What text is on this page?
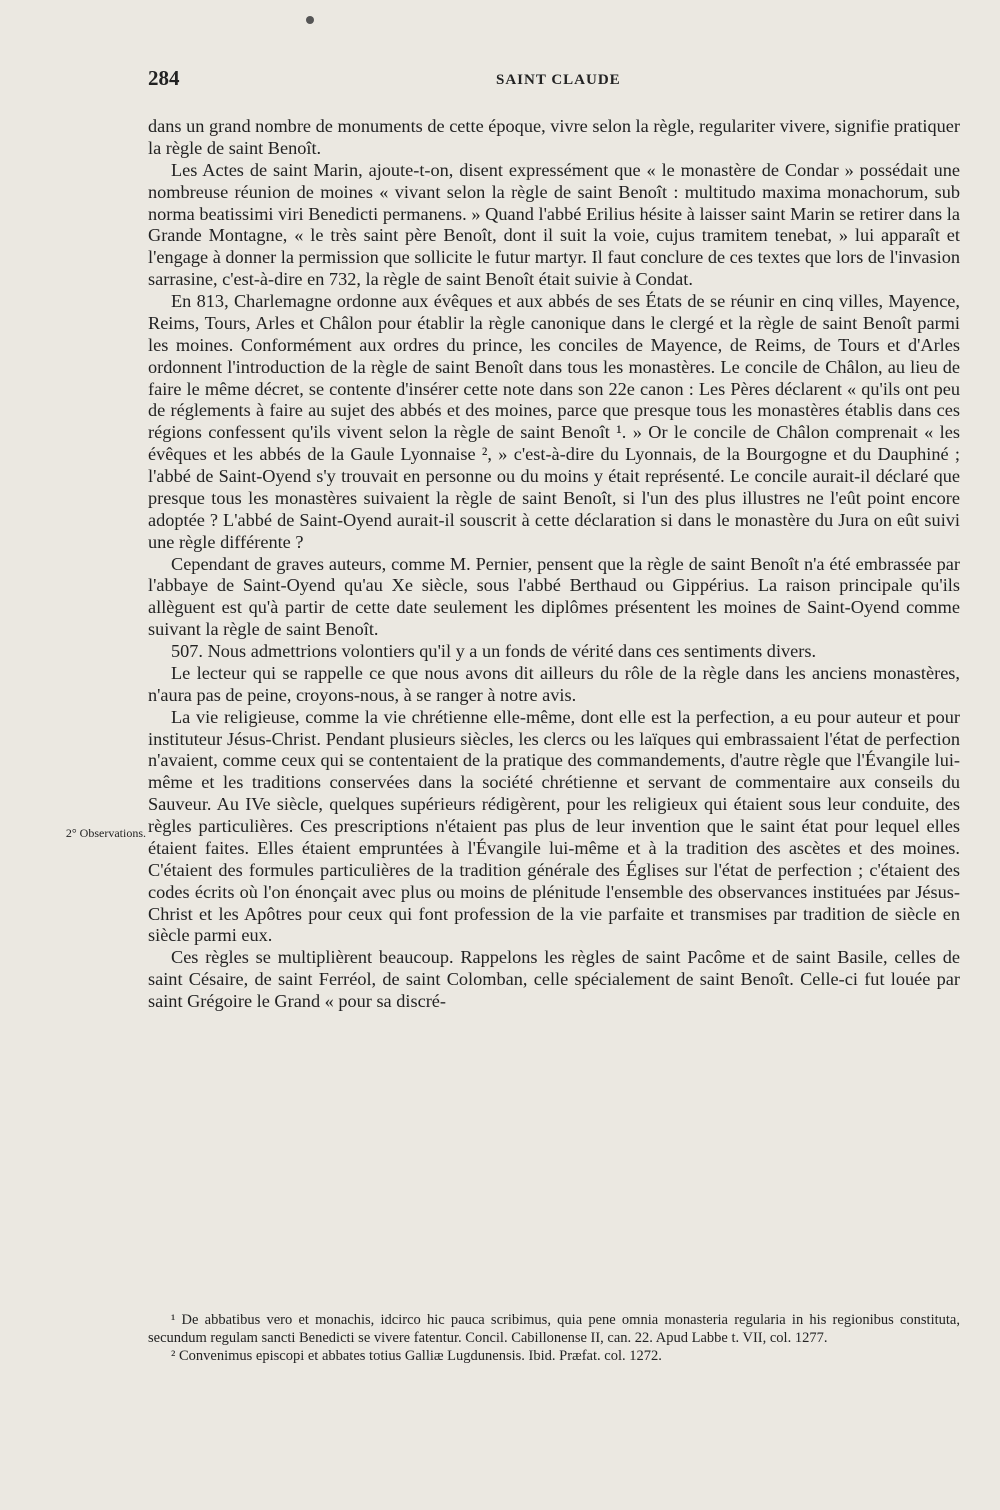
284	SAINT CLAUDE
2° Observations.

dans un grand nombre de monuments de cette époque, vivre selon la règle, regulariter vivere, signifie pratiquer la règle de saint Benoît.

Les Actes de saint Marin, ajoute-t-on, disent expressément que « le monastère de Condar » possédait une nombreuse réunion de moines « vivant selon la règle de saint Benoît : multitudo maxima monachorum, sub norma beatissimi viri Benedicti permanens. » Quand l'abbé Erilius hésite à laisser saint Marin se retirer dans la Grande Montagne, « le très saint père Benoît, dont il suit la voie, cujus tramitem tenebat, » lui apparaît et l'engage à donner la permission que sollicite le futur martyr. Il faut conclure de ces textes que lors de l'invasion sarrasine, c'est-à-dire en 732, la règle de saint Benoît était suivie à Condat.

En 813, Charlemagne ordonne aux évêques et aux abbés de ses États de se réunir en cinq villes, Mayence, Reims, Tours, Arles et Châlon pour établir la règle canonique dans le clergé et la règle de saint Benoît parmi les moines. Conformément aux ordres du prince, les conciles de Mayence, de Reims, de Tours et d'Arles ordonnent l'introduction de la règle de saint Benoît dans tous les monastères. Le concile de Châlon, au lieu de faire le même décret, se contente d'insérer cette note dans son 22e canon : Les Pères déclarent « qu'ils ont peu de réglements à faire au sujet des abbés et des moines, parce que presque tous les monastères établis dans ces régions confessent qu'ils vivent selon la règle de saint Benoît ¹. » Or le concile de Châlon comprenait « les évêques et les abbés de la Gaule Lyonnaise ², » c'est-à-dire du Lyonnais, de la Bourgogne et du Dauphiné ; l'abbé de Saint-Oyend s'y trouvait en personne ou du moins y était représenté. Le concile aurait-il déclaré que presque tous les monastères suivaient la règle de saint Benoît, si l'un des plus illustres ne l'eût point encore adoptée ? L'abbé de Saint-Oyend aurait-il souscrit à cette déclaration si dans le monastère du Jura on eût suivi une règle différente ?

Cependant de graves auteurs, comme M. Pernier, pensent que la règle de saint Benoît n'a été embrassée par l'abbaye de Saint-Oyend qu'au Xe siècle, sous l'abbé Berthaud ou Gippérius. La raison principale qu'ils allèguent est qu'à partir de cette date seulement les diplômes présentent les moines de Saint-Oyend comme suivant la règle de saint Benoît.

507. Nous admettrions volontiers qu'il y a un fonds de vérité dans ces sentiments divers.

Le lecteur qui se rappelle ce que nous avons dit ailleurs du rôle de la règle dans les anciens monastères, n'aura pas de peine, croyons-nous, à se ranger à notre avis.

La vie religieuse, comme la vie chrétienne elle-même, dont elle est la perfection, a eu pour auteur et pour instituteur Jésus-Christ. Pendant plusieurs siècles, les clercs ou les laïques qui embrassaient l'état de perfection n'avaient, comme ceux qui se contentaient de la pratique des commandements, d'autre règle que l'Évangile lui-même et les traditions conservées dans la société chrétienne et servant de commentaire aux conseils du Sauveur. Au IVe siècle, quelques supérieurs rédigèrent, pour les religieux qui étaient sous leur conduite, des règles particulières. Ces prescriptions n'étaient pas plus de leur invention que le saint état pour lequel elles étaient faites. Elles étaient empruntées à l'Évangile lui-même et à la tradition des ascètes et des moines. C'étaient des formules particulières de la tradition générale des Églises sur l'état de perfection ; c'étaient des codes écrits où l'on énonçait avec plus ou moins de plénitude l'ensemble des observances instituées par Jésus-Christ et les Apôtres pour ceux qui font profession de la vie parfaite et transmises par tradition de siècle en siècle parmi eux.

Ces règles se multiplièrent beaucoup. Rappelons les règles de saint Pacôme et de saint Basile, celles de saint Césaire, de saint Ferréol, de saint Colomban, celle spécialement de saint Benoît. Celle-ci fut louée par saint Grégoire le Grand « pour sa discré-

¹ De abbatibus vero et monachis, idcirco hic pauca scribimus, quia pene omnia monasteria regularia in his regionibus constituta, secundum regulam sancti Benedicti se vivere fatentur. Concil. Cabillonense II, can. 22. Apud Labbe t. VII, col. 1277.

² Convenimus episcopi et abbates totius Galliæ Lugdunensis. Ibid. Præfat. col. 1272.
